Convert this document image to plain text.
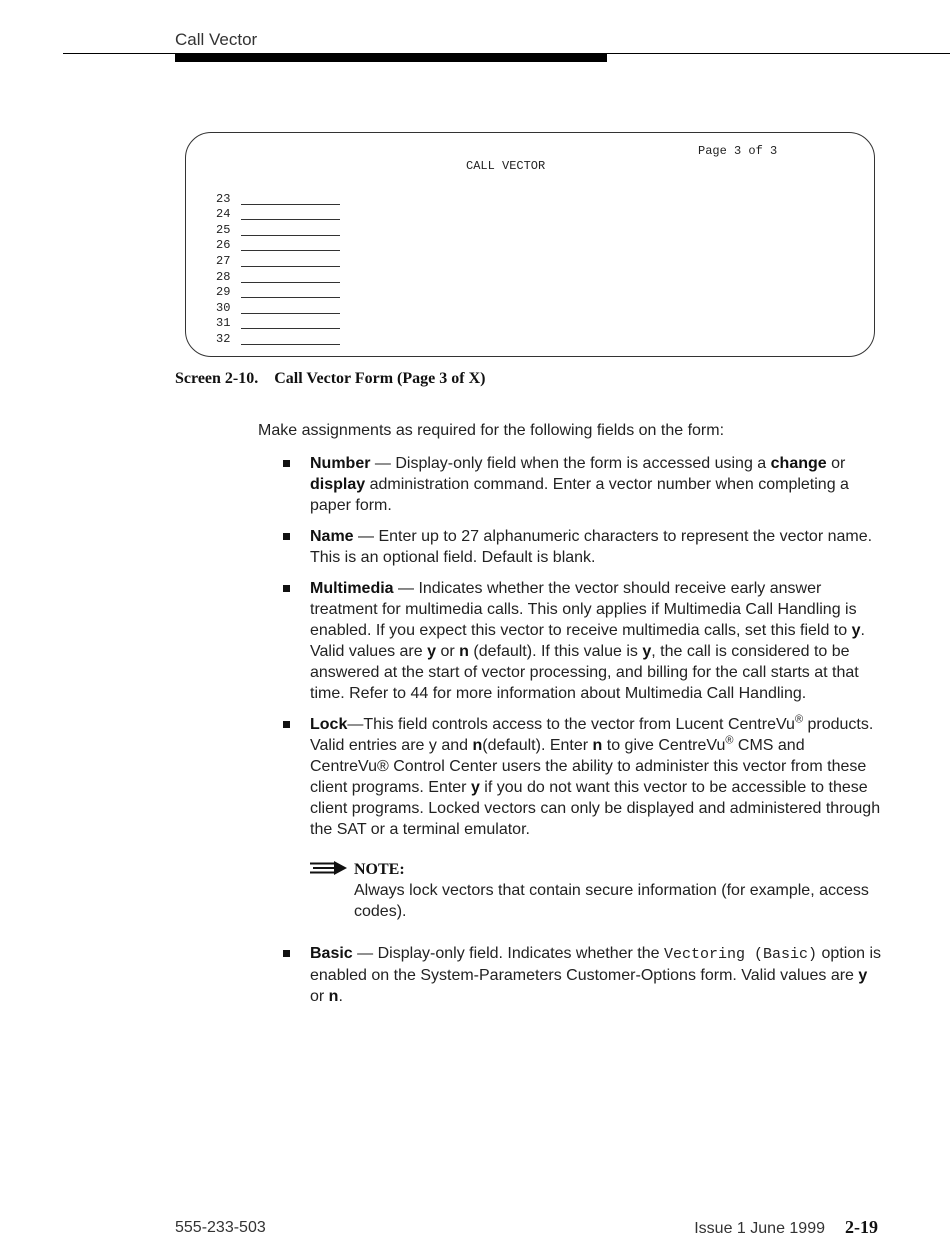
Call Vector
Page 3 of 3
CALL VECTOR
23
24
25
26
27
28
29
30
31
32
Screen 2-10.    Call Vector Form (Page 3 of X)
Make assignments as required for the following fields on the form:
Number — Display-only field when the form is accessed using a change or display administration command. Enter a vector number when completing a paper form.
Name — Enter up to 27 alphanumeric characters to represent the vector name. This is an optional field. Default is blank.
Multimedia — Indicates whether the vector should receive early answer treatment for multimedia calls. This only applies if Multimedia Call Handling is enabled. If you expect this vector to receive multimedia calls, set this field to y. Valid values are y or n (default). If this value is y, the call is considered to be answered at the start of vector processing, and billing for the call starts at that time. Refer to 44 for more information about Multimedia Call Handling.
Lock—This field controls access to the vector from Lucent CentreVu® products. Valid entries are y and n(default). Enter n to give CentreVu® CMS and CentreVu® Control Center users the ability to administer this vector from these client programs. Enter y if you do not want this vector to be accessible to these client programs. Locked vectors can only be displayed and administered through the SAT or a terminal emulator.
NOTE:
Always lock vectors that contain secure information (for example, access codes).
Basic — Display-only field. Indicates whether the Vectoring (Basic) option is enabled on the System-Parameters Customer-Options form. Valid values are y or n.
555-233-503	Issue 1 June 1999 2-19
